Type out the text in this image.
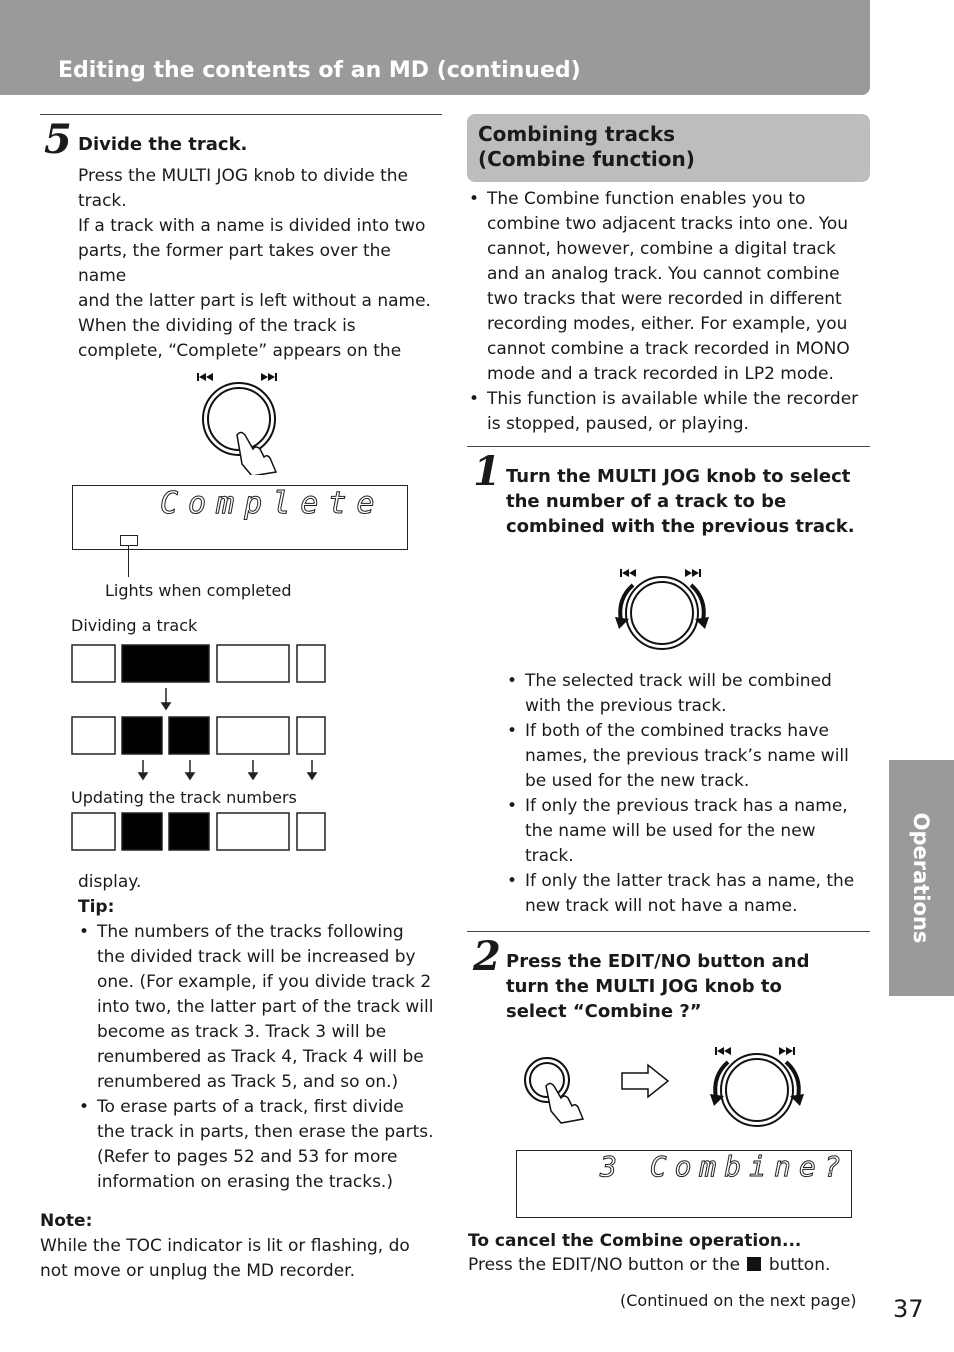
Editing the contents of an MD (continued)
Operations
5 Divide the track.
Press the MULTI JOG knob to divide the
track.
If a track with a name is divided into two
parts, the former part takes over the name
and the latter part is left without a name.
When the dividing of the track is
complete, “Complete” appears on the
Complete
Lights when completed
Dividing a track
Updating the track numbers
display.
Tip:
• The numbers of the tracks following the divided track will be increased by one. (For example, if you divide track 2 into two, the latter part of the track will become as track 3. Track 3 will be renumbered as Track 4, Track 4 will be renumbered as Track 5, and so on.)
• To erase parts of a track, first divide the track in parts, then erase the parts. (Refer to pages 52 and 53 for more information on erasing the tracks.)
Note:
While the TOC indicator is lit or flashing, do not move or unplug the MD recorder.
Combining tracks
(Combine function)
• The Combine function enables you to combine two adjacent tracks into one. You cannot, however, combine a digital track and an analog track. You cannot combine two tracks that were recorded in different recording modes, either. For example, you cannot combine a track recorded in MONO mode and a track recorded in LP2 mode.
• This function is available while the recorder is stopped, paused, or playing.
1 Turn the MULTI JOG knob to select the number of a track to be combined with the previous track.
• The selected track will be combined with the previous track.
• If both of the combined tracks have names, the previous track’s name will be used for the new track.
• If only the previous track has a name, the name will be used for the new track.
• If only the latter track has a name, the new track will not have a name.
2 Press the EDIT/NO button and turn the MULTI JOG knob to select “Combine ?”
3 Combine?
To cancel the Combine operation...
Press the EDIT/NO button or the button.
(Continued on the next page) 37
